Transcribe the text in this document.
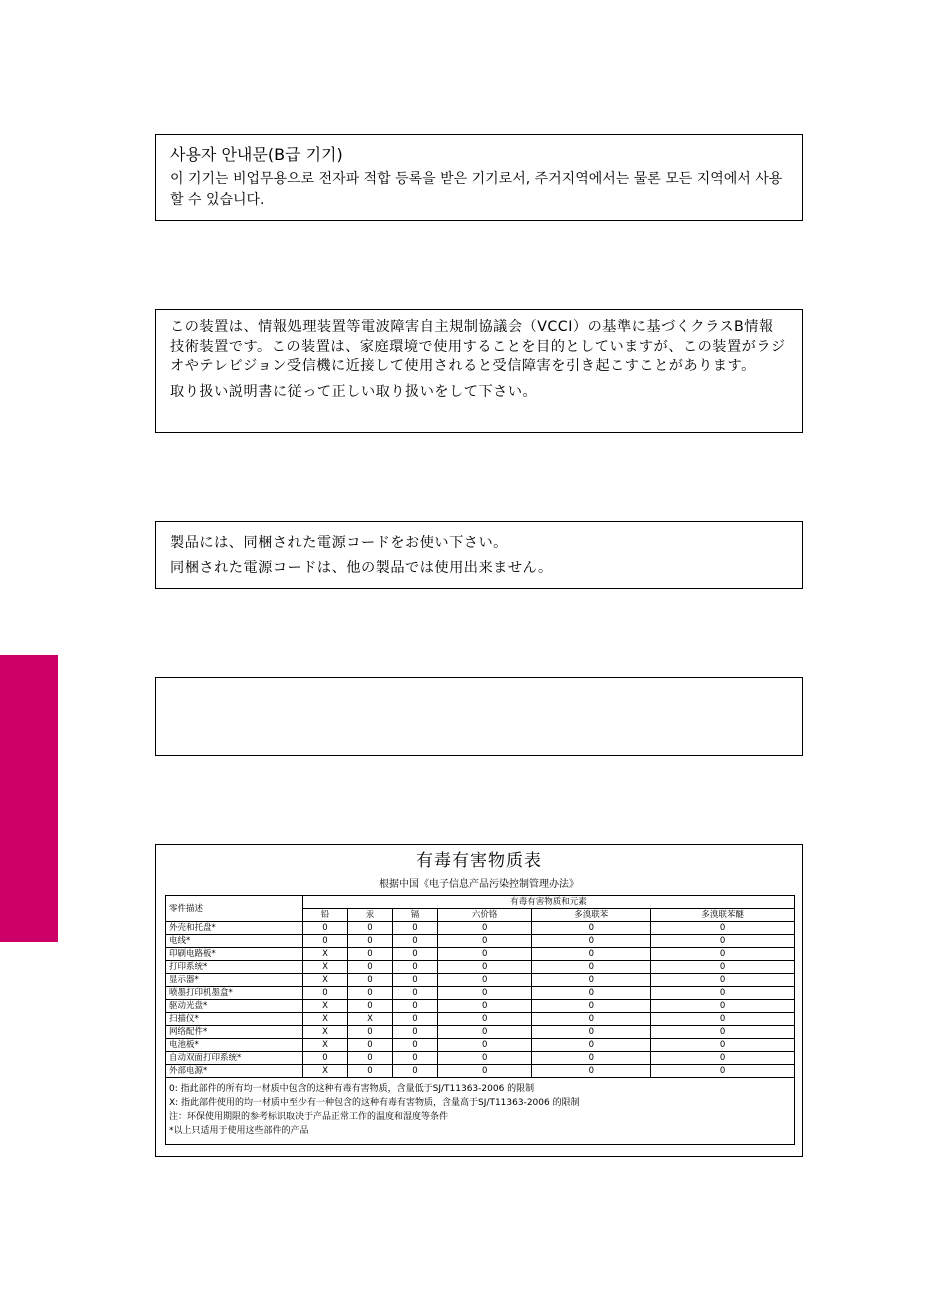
사용자 안내문(B급 기기)
이 기기는 비업무용으로 전자파 적합 등록을 받은 기기로서, 주거지역에서는 물론 모든 지역에서 사용할 수 있습니다.
この装置は、情報処理装置等電波障害自主規制協議会（VCCI）の基準に基づくクラスB情報技術装置です。この装置は、家庭環境で使用することを目的としていますが、この装置がラジオやテレビジョン受信機に近接して使用されると受信障害を引き起こすことがあります。
取り扱い説明書に従って正しい取り扱いをして下さい。

製品には、同梱された電源コードをお使い下さい。

同梱された電源コードは、他の製品では使用出来ません。

有毒有害物质表
根据中国《电子信息产品污染控制管理办法》
零件描述	有毒有害物质和元素					
	铅	汞	镉	六价铬	多溴联苯	多溴联苯醚
外壳和托盘*	0	0	0	0	0	0
电线*	0	0	0	0	0	0
印刷电路板*	X	0	0	0	0	0
打印系统*	X	0	0	0	0	0
显示器*	X	0	0	0	0	0
喷墨打印机墨盒*	0	0	0	0	0	0
驱动光盘*	X	0	0	0	0	0
扫描仪*	X	X	0	0	0	0
网络配件*	X	0	0	0	0	0
电池板*	X	0	0	0	0	0
自动双面打印系统*	0	0	0	0	0	0
外部电源*	X	0	0	0	0	0

0: 指此部件的所有均一材质中包含的这种有毒有害物质，含量低于SJ/T11363-2006 的限制
X: 指此部件使用的均一材质中至少有一种包含的这种有毒有害物质，含量高于SJ/T11363-2006 的限制
注：环保使用期限的参考标识取决于产品正常工作的温度和湿度等条件
*以上只适用于使用这些部件的产品						
